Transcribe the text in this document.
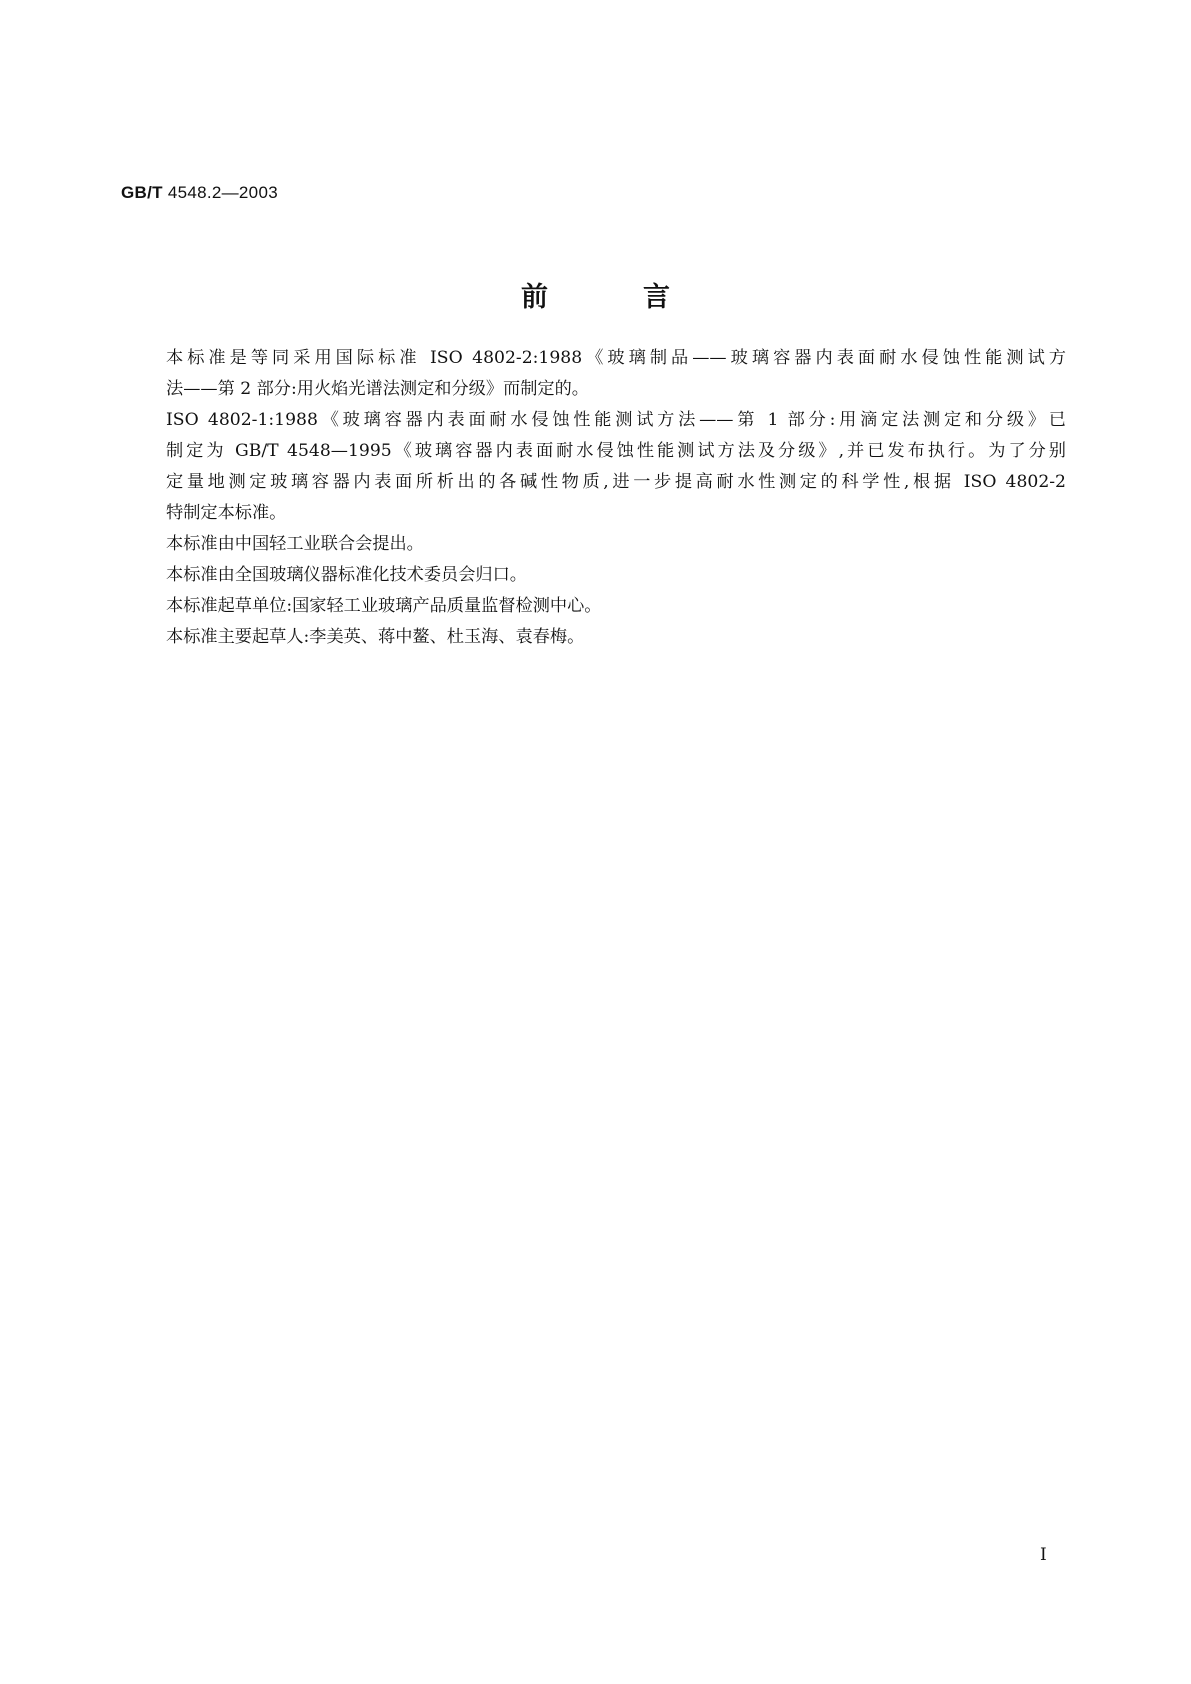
GB/T 4548.2—2003
前	言

本标准是等同采用国际标准 ISO 4802-2:1988《玻璃制品——玻璃容器内表面耐水侵蚀性能测试方
法——第 2 部分:用火焰光谱法测定和分级》而制定的。

ISO 4802-1:1988《玻璃容器内表面耐水侵蚀性能测试方法——第 1 部分:用滴定法测定和分级》已
制定为 GB/T 4548—1995《玻璃容器内表面耐水侵蚀性能测试方法及分级》,并已发布执行。为了分别
定量地测定玻璃容器内表面所析出的各碱性物质,进一步提高耐水性测定的科学性,根据 ISO 4802-2
特制定本标准。

本标准由中国轻工业联合会提出。

本标准由全国玻璃仪器标准化技术委员会归口。

本标准起草单位:国家轻工业玻璃产品质量监督检测中心。

本标准主要起草人:李美英、蒋中鳌、杜玉海、袁春梅。

I
